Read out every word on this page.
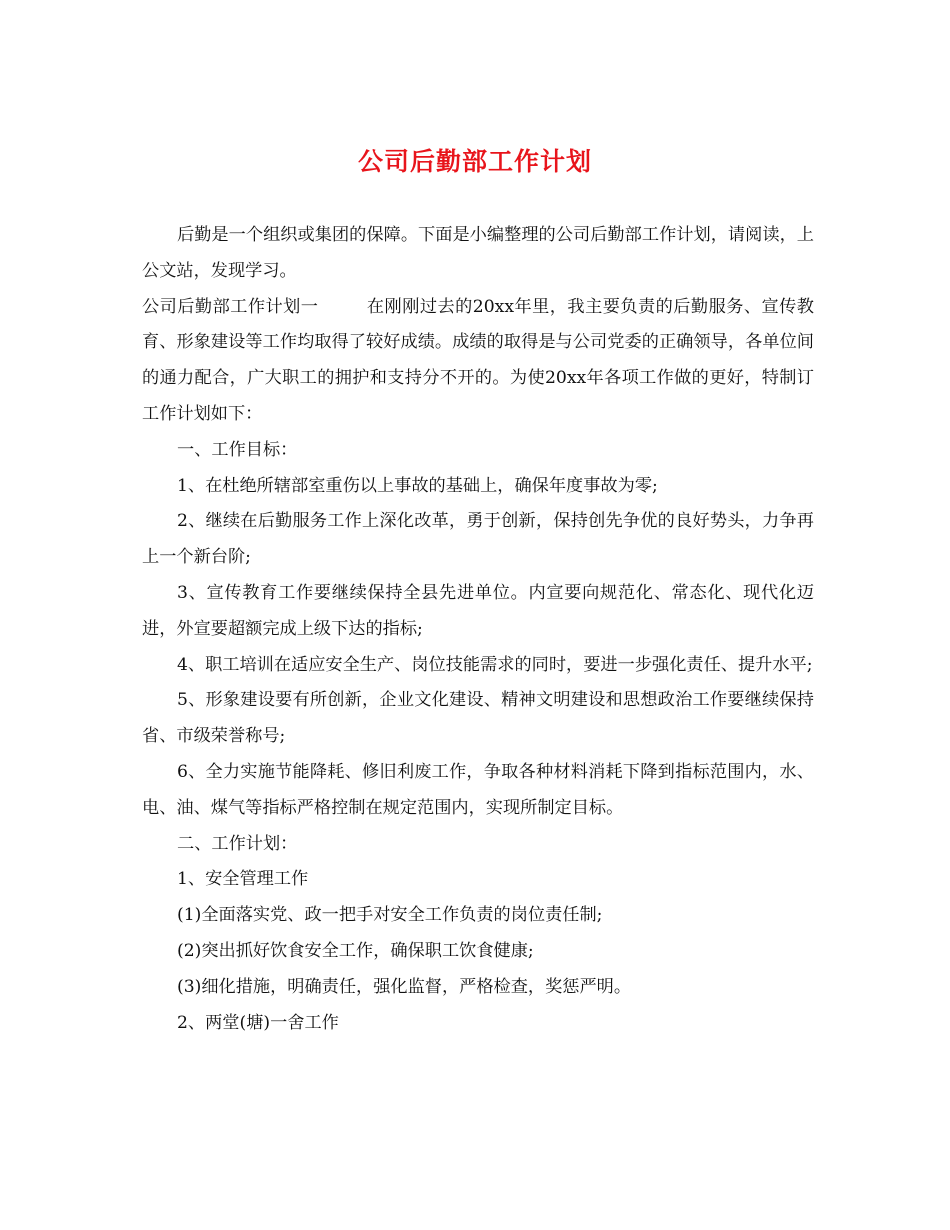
公司后勤部工作计划

后勤是一个组织或集团的保障。下面是小编整理的公司后勤部工作计划，请阅读，上公文站，发现学习。

公司后勤部工作计划一	在刚刚过去的20xx年里，我主要负责的后勤服务、宣传教育、形象建设等工作均取得了较好成绩。成绩的取得是与公司党委的正确领导，各单位间的通力配合，广大职工的拥护和支持分不开的。为使20xx年各项工作做的更好，特制订工作计划如下：

一、工作目标：

1、在杜绝所辖部室重伤以上事故的基础上，确保年度事故为零;

2、继续在后勤服务工作上深化改革，勇于创新，保持创先争优的良好势头，力争再上一个新台阶;

3、宣传教育工作要继续保持全县先进单位。内宣要向规范化、常态化、现代化迈进，外宣要超额完成上级下达的指标;

4、职工培训在适应安全生产、岗位技能需求的同时，要进一步强化责任、提升水平;

5、形象建设要有所创新，企业文化建设、精神文明建设和思想政治工作要继续保持省、市级荣誉称号;

6、全力实施节能降耗、修旧利废工作，争取各种材料消耗下降到指标范围内，水、电、油、煤气等指标严格控制在规定范围内，实现所制定目标。

二、工作计划：

1、安全管理工作

(1)全面落实党、政一把手对安全工作负责的岗位责任制;

(2)突出抓好饮食安全工作，确保职工饮食健康;

(3)细化措施，明确责任，强化监督，严格检查，奖惩严明。

2、两堂(塘)一舍工作
